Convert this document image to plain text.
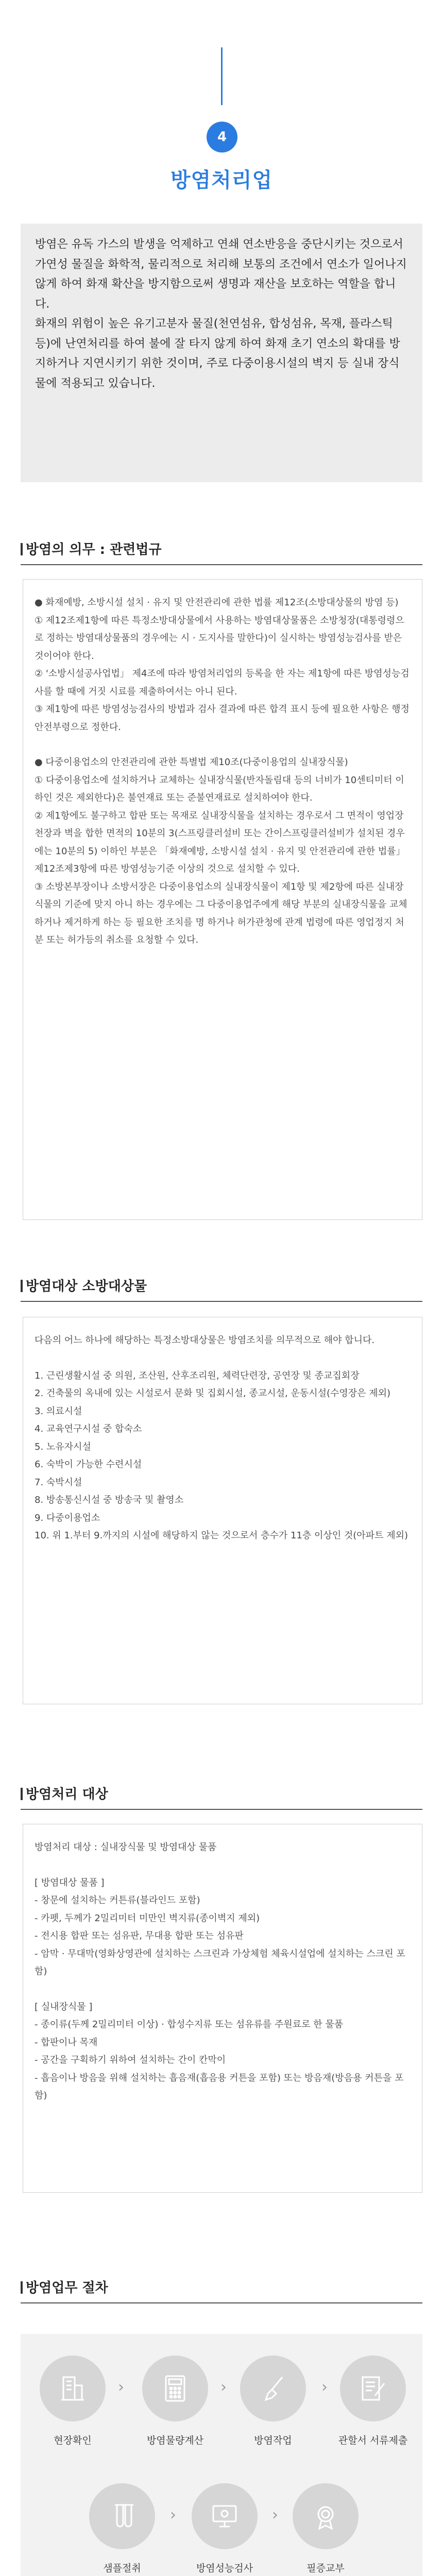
4
방염처리업

방염은 유독 가스의 발생을 억제하고 연쇄 연소반응을 중단시키는 것으로서 가연성 물질을 화학적, 물리적으로 처리해 보통의 조건에서 연소가 일어나지 않게 하여 화재 확산을 방지함으로써 생명과 재산을 보호하는 역할을 합니다.

화재의 위험이 높은 유기고분자 물질(천연섬유, 합성섬유, 목재, 플라스틱 등)에 난연처리를 하여 불에 잘 타지 않게 하여 화재 초기 연소의 확대를 방지하거나 지연시키기 위한 것이며, 주로 다중이용시설의 벽지 등 실내 장식물에 적용되고 있습니다.

방염의 의무 : 관련법규

● 화재예방, 소방시설 설치 · 유지 및 안전관리에 관한 법률 제12조(소방대상물의 방염 등)

① 제12조제1항에 따른 특정소방대상물에서 사용하는 방염대상물품은 소방청장(대통령령으로 정하는 방염대상물품의 경우에는 시 · 도지사를 말한다)이 실시하는 방염성능검사를 받은 것이어야 한다.

② '소방시설공사업법」 제4조에 따라 방염처리업의 등록을 한 자는 제1항에 따른 방염성능검사를 할 때에 거짓 시료를 제출하여서는 아니 된다.

③ 제1항에 따른 방염성능검사의 방법과 검사 결과에 따른 합격 표시 등에 필요한 사항은 행정안전부령으로 정한다.

● 다중이용업소의 안전관리에 관한 특별법 제10조(다중이용업의 실내장식물)

① 다중이용업소에 설치하거나 교체하는 실내장식물(반자돌림대 등의 너비가 10센티미터 이하인 것은 제외한다)은 불연재료 또는 준불연재료로 설치하여야 한다.

② 제1항에도 불구하고 합판 또는 목재로 실내장식물을 설치하는 경우로서 그 면적이 영업장 천장과 벽을 합한 면적의 10분의 3(스프링클러설비 또는 간이스프링클러설비가 설치된 경우에는 10분의 5) 이하인 부분은 「화재예방, 소방시설 설치 · 유지 및 안전관리에 관한 법률」 제12조제3항에 따른 방염성능기준 이상의 것으로 설치할 수 있다.

③ 소방본부장이나 소방서장은 다중이용업소의 실내장식물이 제1항 및 제2항에 따른 실내장식물의 기준에 맞지 아니 하는 경우에는 그 다중이용업주에게 해당 부분의 실내장식물을 교체하거나 제거하게 하는 등 필요한 조치를 명 하거나 허가관청에 관계 법령에 따른 영업정지 처분 또는 허가등의 취소를 요청할 수 있다.

방염대상 소방대상물

다음의 어느 하나에 해당하는 특정소방대상물은 방염조치를 의무적으로 해야 합니다.

1. 근린생활시설 중 의원, 조산원, 산후조리원, 체력단련장, 공연장 및 종교집회장

2. 건축물의 옥내에 있는 시설로서 문화 및 집회시설, 종교시설, 운동시설(수영장은 제외)

3. 의료시설

4. 교육연구시설 중 합숙소

5. 노유자시설

6. 숙박이 가능한 수련시설

7. 숙박시설

8. 방송통신시설 중 방송국 및 촬영소

9. 다중이용업소

10. 위 1.부터 9.까지의 시설에 해당하지 않는 것으로서 층수가 11층 이상인 것(아파트 제외)

방염처리 대상

방염처리 대상 : 실내장식물 및 방염대상 물품

[ 방염대상 물품 ]

- 창문에 설치하는 커튼류(블라인드 포함)

- 카펫, 두께가 2밀리미터 미만인 벽지류(종이벽지 제외)

- 전시용 합판 또는 섬유판, 무대용 합판 또는 섬유판

- 암막 · 무대막(영화상영관에 설치하는 스크린과 가상체험 체육시설업에 설치하는 스크린 포함)

[ 실내장식물 ]

- 종이류(두께 2밀리미터 이상) · 합성수지류 또는 섬유류를 주원료로 한 물품

- 합판이나 목재

- 공간을 구획하기 위하여 설치하는 간이 칸막이

- 흡음이나 방음을 위해 설치하는 흡음재(흡음용 커튼을 포함) 또는 방음재(방음용 커튼을 포함)

방염업무 절차
현장확인
›
방염물량계산
›
방염작업
›
관할서 서류제출
샘플절취
›
방염성능검사
›
필증교부
